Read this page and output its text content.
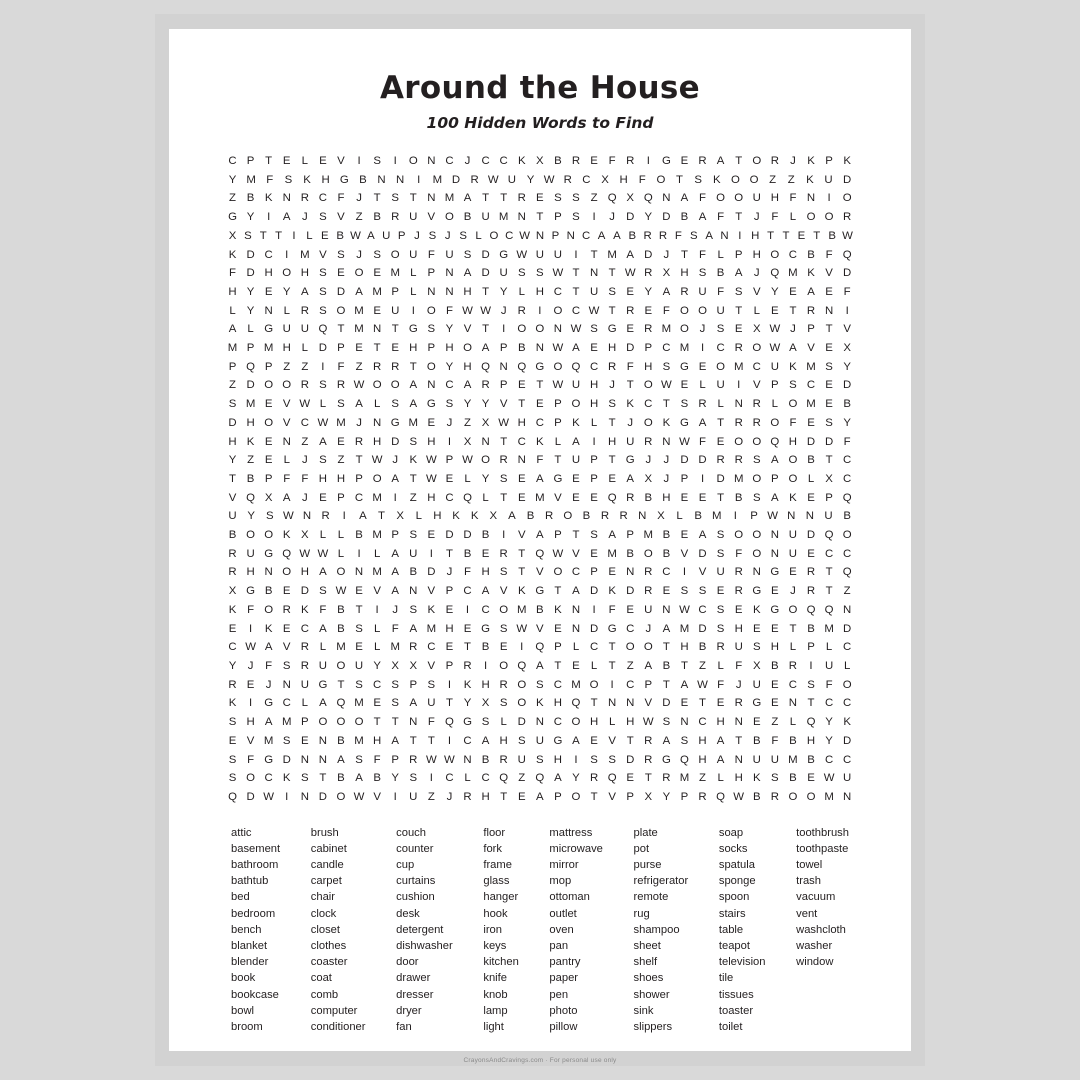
Around the House
100 Hidden Words to Find
C P T E L E V	I	S	I	O N C J C C K X B R E F R	I	G E R A T O R J K P K
Y M F S K H G B N N	I	M D R W U Y W R C X H F O T S K O O Z Z K U D
Z B K N R C F J T S T N M A T T R E S S Z Q X Q N A F O O U H F N	I	O
G Y	I	A J S V Z B R U V O B U M N T P S	I	J D Y D B A F T J F L O O R
X S T T I L E B W A U P J S J S L O C W N P N C A A B R R F S A N I H T T E T B W
K D C	I	M V S J S O U F U S D G W U U	I	T M A D J T F L P H O C B F Q
F D H O H S E O E M L P N A D U S S W T N T W R X H S B A J Q M K V D
H Y E Y A S D A M P L N N H T Y L H C T U S E Y A R U F S V Y E A E F
L Y N L R S O M E U	I	O F W W J R	I	O C W T R E F O O U T L E T R N	I
A L G U U Q T M N T G S Y V T	I	O O N W S G E R M O J S E X W J P T V
M P M H L D P E T E H P H O A P B N W A E H D P C M	I	C R O W A V E X
P Q P Z Z	I	F Z R R T O Y H Q N Q G O Q C R F H S G E O M C U K M S Y
Z D O O R S R W O O A N C A R P E T W U H J T O W E L U	I	V P S C E D
S M E V W L S A L S A G S Y Y V T E P O H S K C T S R L N R L O M E B
D H O V C W M J N G M E J Z X W H C P K L T J O K G A T R R O F E S Y
H K E N Z A E R H D S H	I	X N T C K L A	I	H U R N W F E O O Q H D D F
Y Z E L J S Z T W J K W P W O R N F T U P T G J J D D R R S A O B T C
T B P F F H H P O A T W E L Y S E A G E P E A X J P	I	D M O P O L X C
V Q X A J E P C M	I	Z H C Q L T E M V E E Q R B H E E T B S A K E P Q
U Y S W N R	I	A T X L H K K X A B R O B R R N X L B M	I	P W N N U B
B O O K X L L B M P S E D D B	I	V A P T S A P M B E A S O O N U D Q O
R U G Q W W L	I	L A U	I	T B E R T Q W V E M B O B V D S F O N U E C C
R H N O H A O N M A B D J F H S T V O C P E N R C	I	V U R N G E R T Q
X G B E D S W E V A N V P C A V K G T A D K D R E S S E R G E J R T Z
K F O R K F B T	I	J S K E	I	C O M B K N	I	F E U N W C S E K G O Q Q N
E	I	K E C A B S L F A M H E G S W V E N D G C J A M D S H E E T B M D
C W A V R L M E L M R C E T B E	I	Q P L C T O O T H B R U S H L P L C
Y J F S R U O U Y X X V P R	I	O Q A T E L T Z A B T Z L F X B R	I	U L
R E J N U G T S C S P S	I	K H R O S C M O	I	C P T A W F J U E C S F O
K	I	G C L A Q M E S A U T Y X S O K H Q T N N V D E T E R G E N T C C
S H A M P O O O T T N F Q G S L D N C O H L H W S N C H N E Z L Q Y K
E V M S E N B M H A T T	I	C A H S U G A E V T R A S H A T B F B H Y D
S F G D N N A S F P R W W N B R U S H	I	S S D R G Q H A N U U M B C C
S O C K S T B A B Y S	I	C L C Q Z Q A Y R Q E T R M Z L H K S B E W U
Q D W I	N D O W V	I	U Z J R H T E A P O T V P X Y P R Q W B R O O M N
attic
basement
bathroom
bathtub
bed
bedroom
bench
blanket
blender
book
bookcase
bowl
broom
brush
cabinet
candle
carpet
chair
clock
closet
clothes
coaster
coat
comb
computer
conditioner
couch
counter
cup
curtains
cushion
desk
detergent
dishwasher
door
drawer
dresser
dryer
fan
floor
fork
frame
glass
hanger
hook
iron
keys
kitchen
knife
knob
lamp
light
mattress
microwave
mirror
mop
ottoman
outlet
oven
pan
pantry
paper
pen
photo
pillow
plate
pot
purse
refrigerator
remote
rug
shampoo
sheet
shelf
shoes
shower
sink
slippers
soap
socks
spatula
sponge
spoon
stairs
table
teapot
television
tile
tissues
toaster
toilet
toothbrush
toothpaste
towel
trash
vacuum
vent
washcloth
washer
window
CrayonsAndCravings.com · For personal use only
